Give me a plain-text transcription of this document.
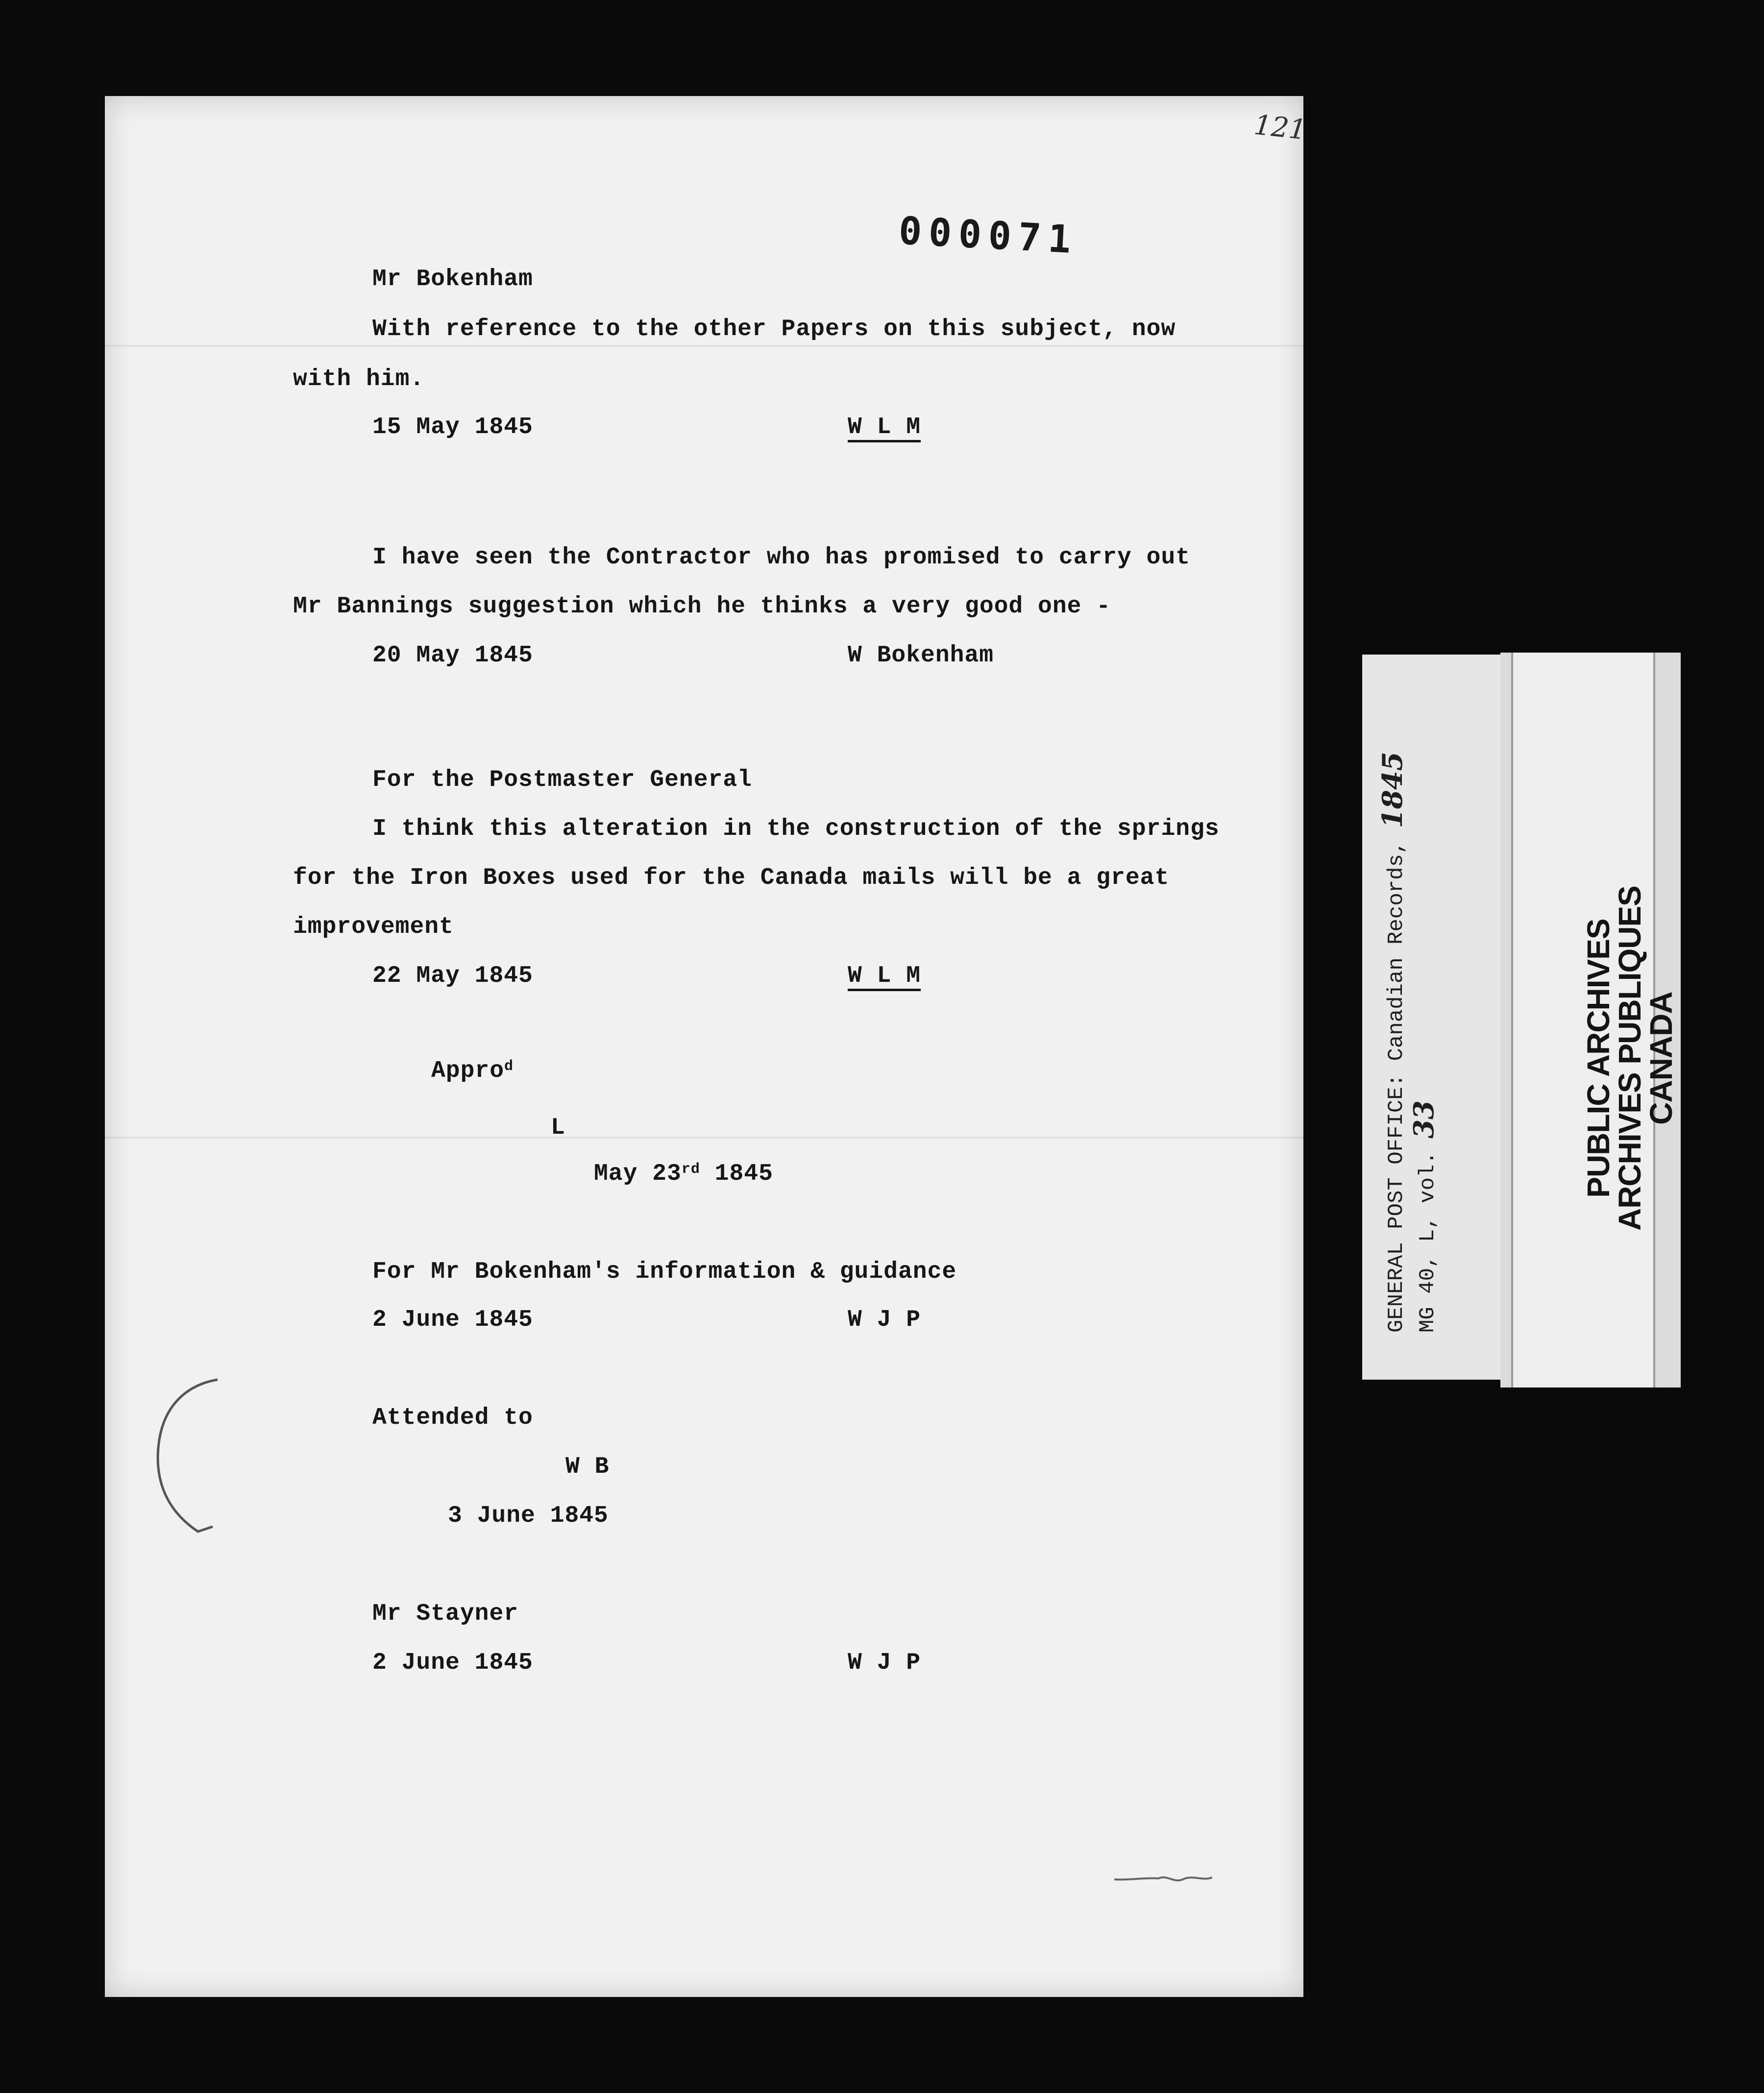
121
000071
Mr Bokenham
With reference to the other Papers on this subject, now
with him.
15 May 1845	W L M
I have seen the Contractor who has promised to carry out
Mr Bannings suggestion which he thinks a very good one -
20 May 1845	W Bokenham
For the Postmaster General
I think this alteration in the construction of the springs
for the Iron Boxes used for the Canada mails will be a great
improvement
22 May 1845	W L M
Appro$^d$
L
May 23rd 1845
For Mr Bokenham's information & guidance
2 June 1845	W J P
Attended to
W B
3 June 1845
Mr Stayner
2 June 1845	W J P
GENERAL POST OFFICE: Canadian Records, 1845
MG 40, L, vol. 33	PUBLIC ARCHIVES
ARCHIVES PUBLIQUES
CANADA
